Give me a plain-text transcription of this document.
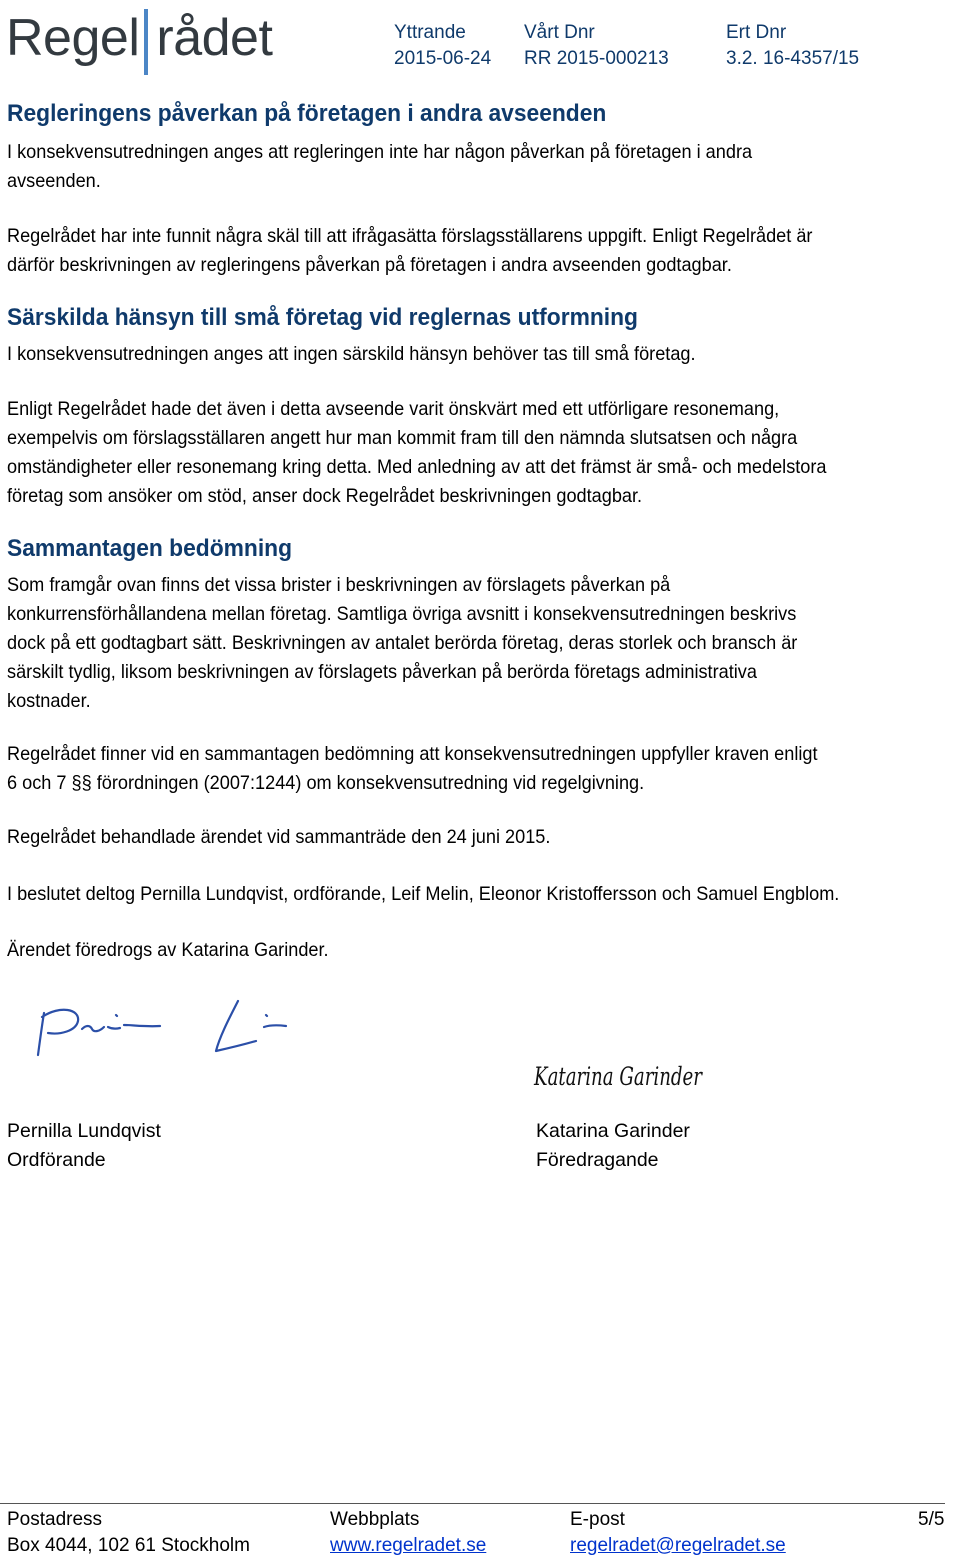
Regel rådet	Yttrande
2015-06-24
Vårt Dnr
RR 2015-000213
Ert Dnr
3.2. 16-4357/15
Regleringens påverkan på företagen i andra avseenden
I konsekvensutredningen anges att regleringen inte har någon påverkan på företagen i andra
avseenden.
Regelrådet har inte funnit några skäl till att ifrågasätta förslagsställarens uppgift. Enligt Regelrådet är
därför beskrivningen av regleringens påverkan på företagen i andra avseenden godtagbar.
Särskilda hänsyn till små företag vid reglernas utformning
I konsekvensutredningen anges att ingen särskild hänsyn behöver tas till små företag.
Enligt Regelrådet hade det även i detta avseende varit önskvärt med ett utförligare resonemang,
exempelvis om förslagsställaren angett hur man kommit fram till den nämnda slutsatsen och några
omständigheter eller resonemang kring detta. Med anledning av att det främst är små- och medelstora
företag som ansöker om stöd, anser dock Regelrådet beskrivningen godtagbar.
Sammantagen bedömning
Som framgår ovan finns det vissa brister i beskrivningen av förslagets påverkan på
konkurrensförhållandena mellan företag. Samtliga övriga avsnitt i konsekvensutredningen beskrivs
dock på ett godtagbart sätt. Beskrivningen av antalet berörda företag, deras storlek och bransch är
särskilt tydlig, liksom beskrivningen av förslagets påverkan på berörda företags administrativa
kostnader.
Regelrådet finner vid en sammantagen bedömning att konsekvensutredningen uppfyller kraven enligt
6 och 7 §§ förordningen (2007:1244) om konsekvensutredning vid regelgivning.
Regelrådet behandlade ärendet vid sammanträde den 24 juni 2015.
I beslutet deltog Pernilla Lundqvist, ordförande, Leif Melin, Eleonor Kristoffersson och Samuel Engblom.
Ärendet föredrogs av Katarina Garinder.
Katarina Garinder
Pernilla Lundqvist
Ordförande
Katarina Garinder
Föredragande
Postadress
Box 4044, 102 61 Stockholm
Webbplats
www.regelradet.se
E-post
regelradet@regelradet.se
5/5
